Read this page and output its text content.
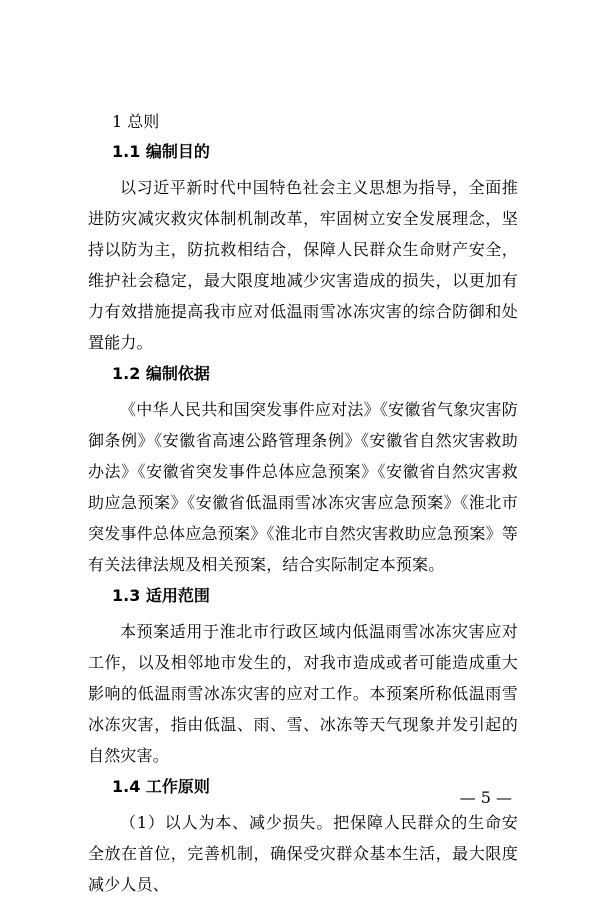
1 总则
1.1 编制目的
以习近平新时代中国特色社会主义思想为指导，全面推进防灾减灾救灾体制机制改革，牢固树立安全发展理念，坚持以防为主，防抗救相结合，保障人民群众生命财产安全，维护社会稳定，最大限度地减少灾害造成的损失，以更加有力有效措施提高我市应对低温雨雪冰冻灾害的综合防御和处置能力。
1.2 编制依据
《中华人民共和国突发事件应对法》《安徽省气象灾害防御条例》《安徽省高速公路管理条例》《安徽省自然灾害救助办法》《安徽省突发事件总体应急预案》《安徽省自然灾害救助应急预案》《安徽省低温雨雪冰冻灾害应急预案》《淮北市突发事件总体应急预案》《淮北市自然灾害救助应急预案》等有关法律法规及相关预案，结合实际制定本预案。
1.3 适用范围
本预案适用于淮北市行政区域内低温雨雪冰冻灾害应对工作，以及相邻地市发生的，对我市造成或者可能造成重大影响的低温雨雪冰冻灾害的应对工作。本预案所称低温雨雪冰冻灾害，指由低温、雨、雪、冰冻等天气现象并发引起的自然灾害。
1.4 工作原则
（1）以人为本、减少损失。把保障人民群众的生命安全放在首位，完善机制，确保受灾群众基本生活，最大限度减少人员、
— 5 —
